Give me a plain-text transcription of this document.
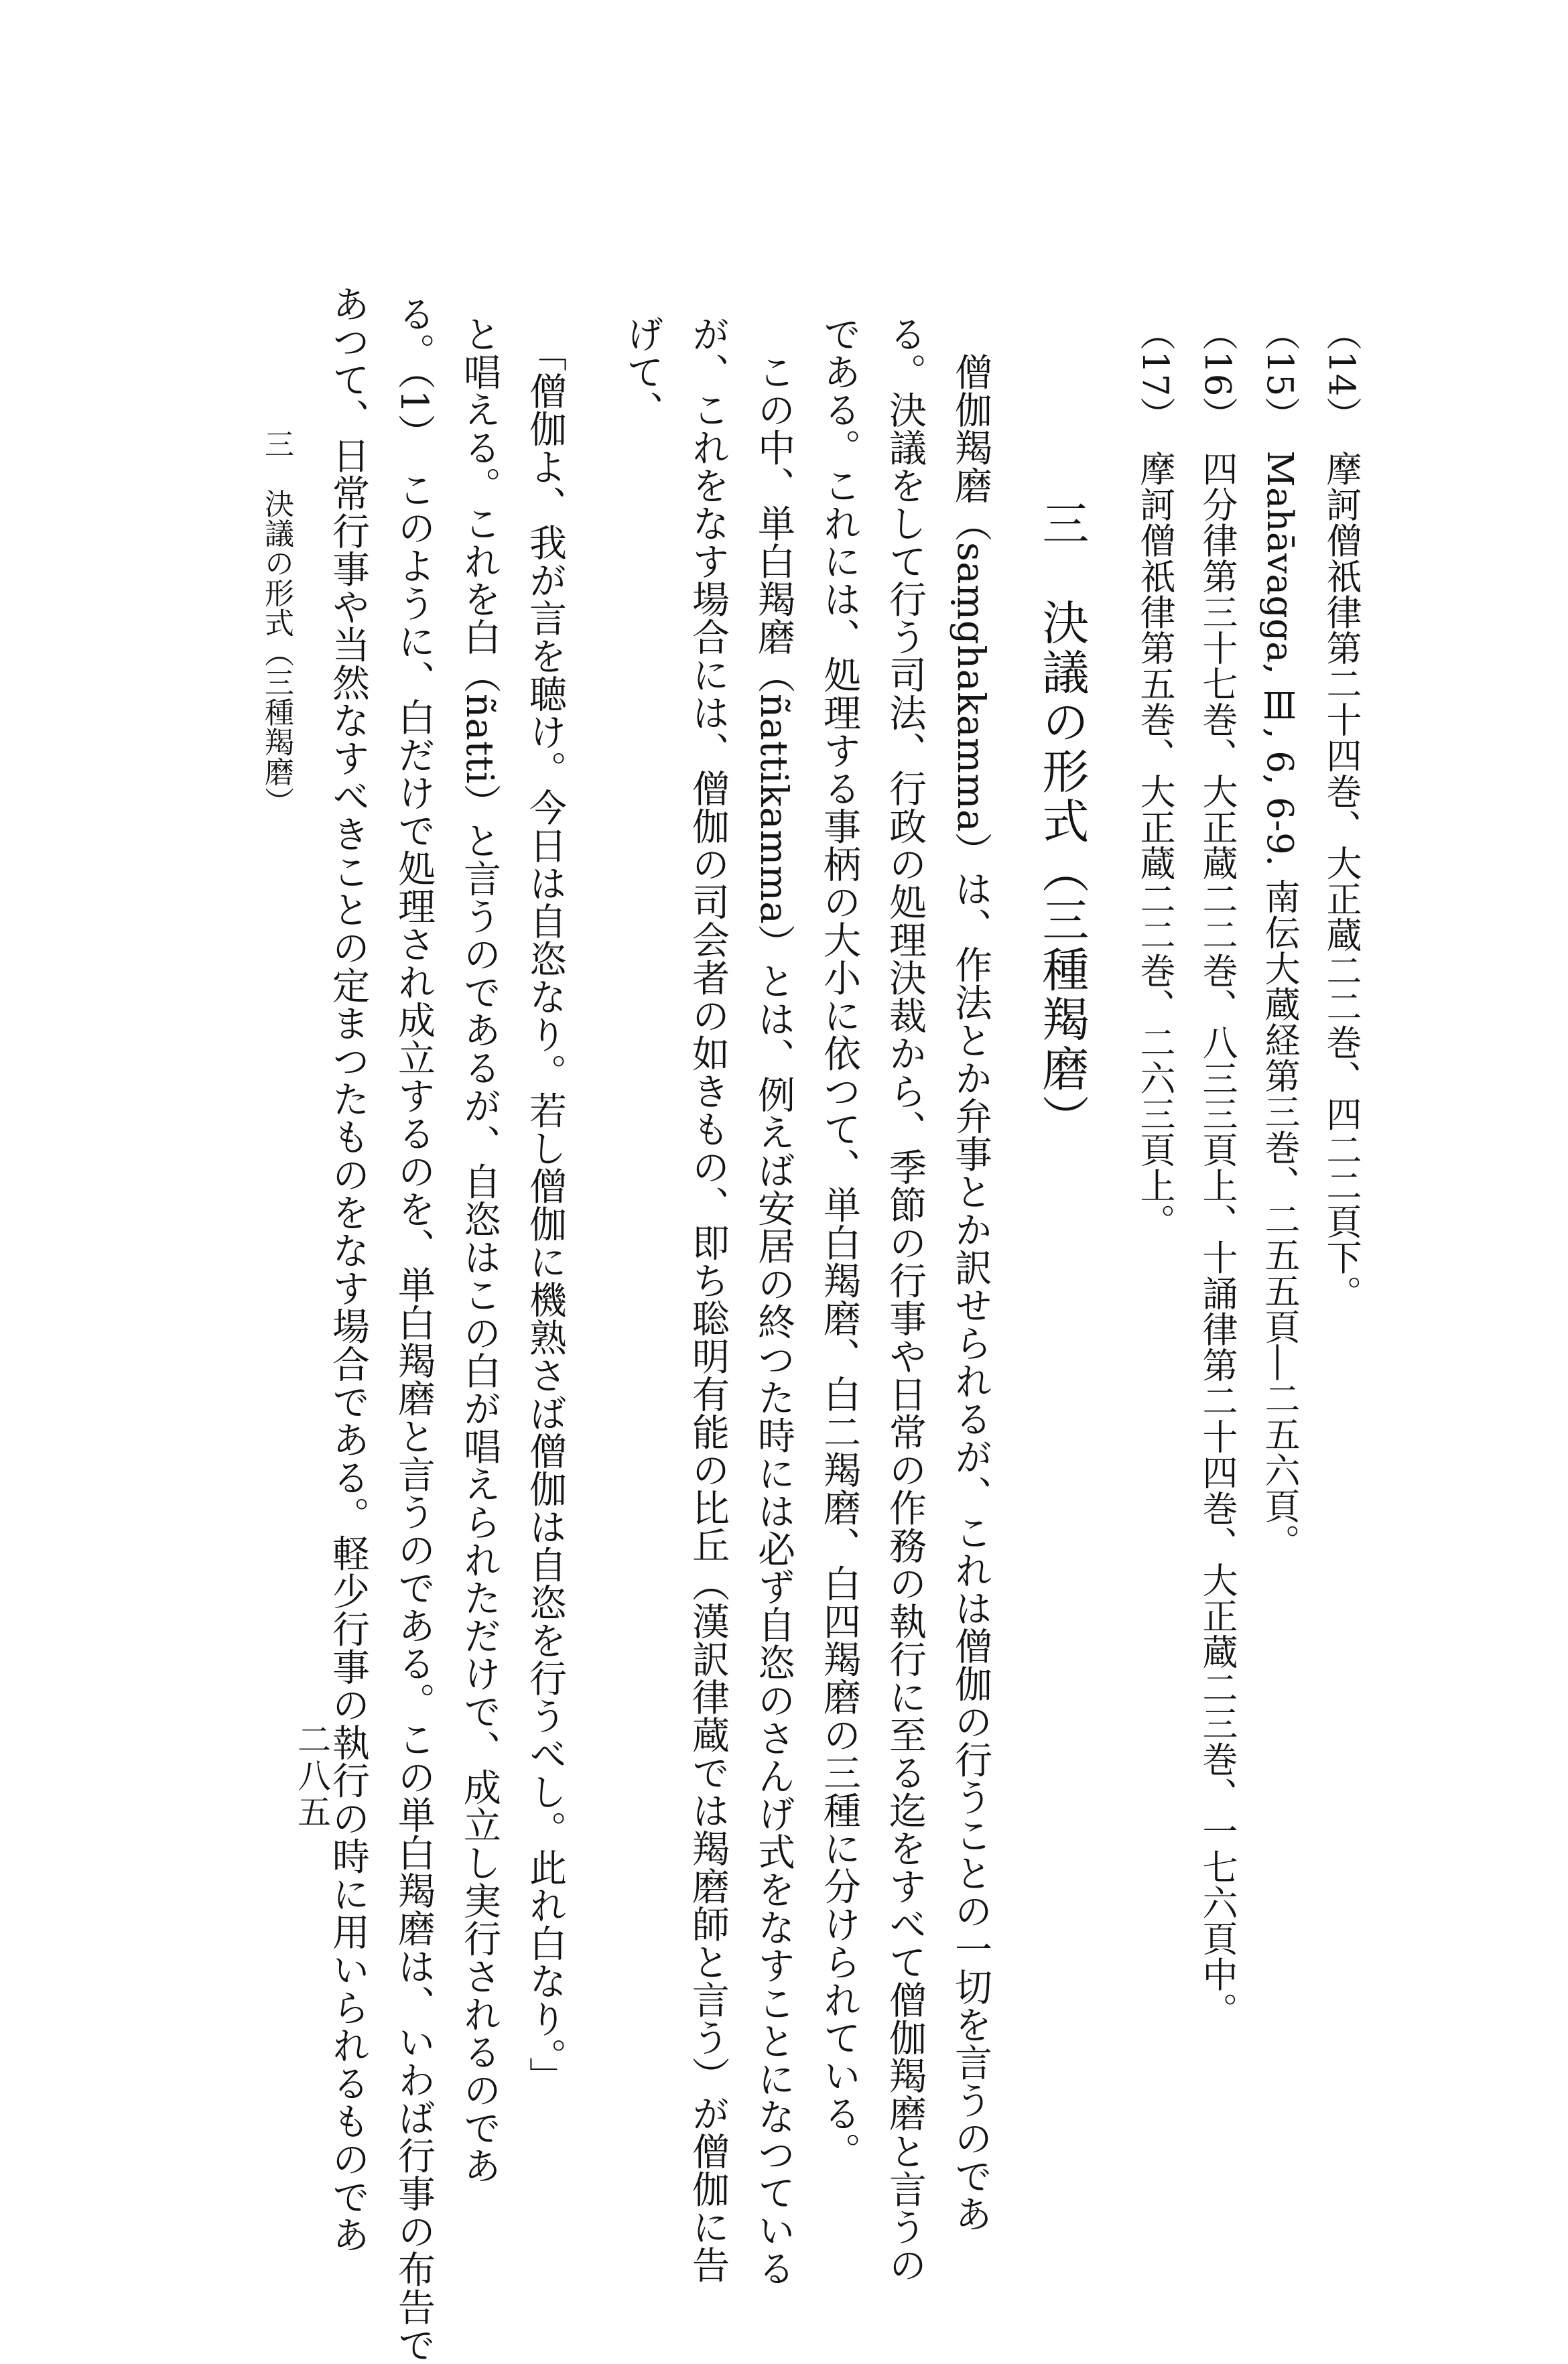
（14）　摩訶僧祇律第二十四巻、大正蔵二二巻、四二二頁下。
（15）　Mahāvagga, Ⅲ, 6, 6-9. 南伝大蔵経第三巻、二五五頁―二五六頁。
（16）　四分律第三十七巻、大正蔵二二巻、八三三頁上、十誦律第二十四巻、大正蔵二三巻、一七六頁中。
（17）　摩訶僧祇律第五巻、大正蔵二二巻、二六三頁上。
三　決議の形式（三種羯磨）
　僧伽羯磨（saṃghakamma）は、作法とか弁事とか訳せられるが、これは僧伽の行うことの一切を言うのであ
る。決議をして行う司法、行政の処理決裁から、季節の行事や日常の作務の執行に至る迄をすべて僧伽羯磨と言うの
である。これには、処理する事柄の大小に依つて、単白羯磨、白二羯磨、白四羯磨の三種に分けられている。
　この中、単白羯磨（ñattikamma）とは、例えば安居の終つた時には必ず自恣のさんげ式をなすことになつている
が、これをなす場合には、僧伽の司会者の如きもの、即ち聡明有能の比丘（漢訳律蔵では羯磨師と言う）が僧伽に告
げて、
　「僧伽よ、我が言を聴け。今日は自恣なり。若し僧伽に機熟さば僧伽は自恣を行うべし。此れ白なり。」
と唱える。これを白（ñatti）と言うのであるが、自恣はこの白が唱えられただけで、成立し実行されるのであ
る。（1）　このように、白だけで処理され成立するのを、単白羯磨と言うのである。この単白羯磨は、いわば行事の布告で
あつて、日常行事や当然なすべきことの定まつたものをなす場合である。軽少行事の執行の時に用いられるものであ
三　決議の形式（三種羯磨）
二八五
